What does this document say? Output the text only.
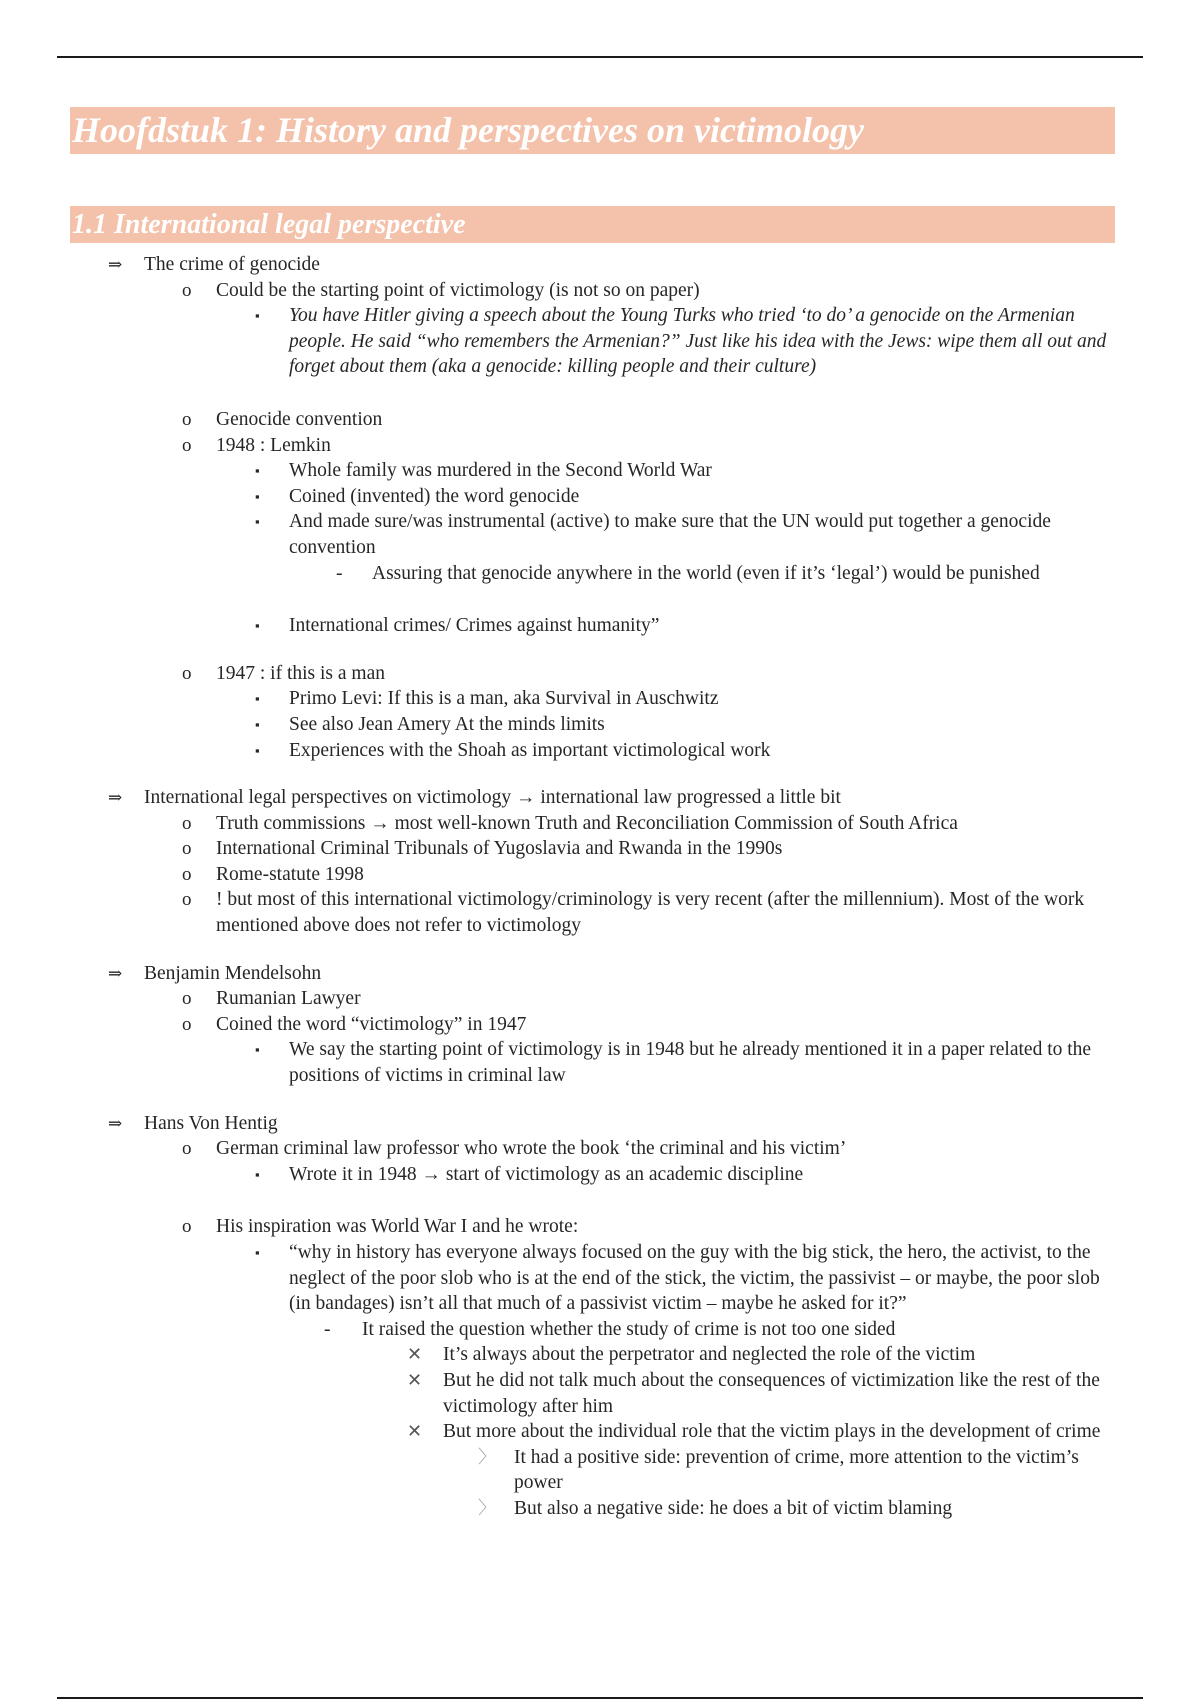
Hoofdstuk 1: History and perspectives on victimology
1.1 International legal perspective
⇒ The crime of genocide
o Could be the starting point of victimology (is not so on paper)
▪ You have Hitler giving a speech about the Young Turks who tried ‘to do’ a genocide on the Armenian people. He said “who remembers the Armenian?” Just like his idea with the Jews: wipe them all out and forget about them (aka a genocide: killing people and their culture)
o Genocide convention
o 1948 : Lemkin
▪ Whole family was murdered in the Second World War
▪ Coined (invented) the word genocide
▪ And made sure/was instrumental (active) to make sure that the UN would put together a genocide convention
- Assuring that genocide anywhere in the world (even if it’s ‘legal’) would be punished
▪ International crimes/ Crimes against humanity”
o 1947 : if this is a man
▪ Primo Levi: If this is a man, aka Survival in Auschwitz
▪ See also Jean Amery At the minds limits
▪ Experiences with the Shoah as important victimological work
⇒ International legal perspectives on victimology → international law progressed a little bit
o Truth commissions → most well-known Truth and Reconciliation Commission of South Africa
o International Criminal Tribunals of Yugoslavia and Rwanda in the 1990s
o Rome-statute 1998
o ! but most of this international victimology/criminology is very recent (after the millennium). Most of the work mentioned above does not refer to victimology
⇒ Benjamin Mendelsohn
o Rumanian Lawyer
o Coined the word “victimology” in 1947
▪ We say the starting point of victimology is in 1948 but he already mentioned it in a paper related to the positions of victims in criminal law
⇒ Hans Von Hentig
o German criminal law professor who wrote the book ‘the criminal and his victim’
▪ Wrote it in 1948 → start of victimology as an academic discipline
o His inspiration was World War I and he wrote:
▪ “why in history has everyone always focused on the guy with the big stick, the hero, the activist, to the neglect of the poor slob who is at the end of the stick, the victim, the passivist – or maybe, the poor slob (in bandages) isn’t all that much of a passivist victim – maybe he asked for it?”
- It raised the question whether the study of crime is not too one sided
✕ It’s always about the perpetrator and neglected the role of the victim
✕ But he did not talk much about the consequences of victimization like the rest of the victimology after him
✕ But more about the individual role that the victim plays in the development of crime
〉 It had a positive side: prevention of crime, more attention to the victim’s power
〉 But also a negative side: he does a bit of victim blaming
